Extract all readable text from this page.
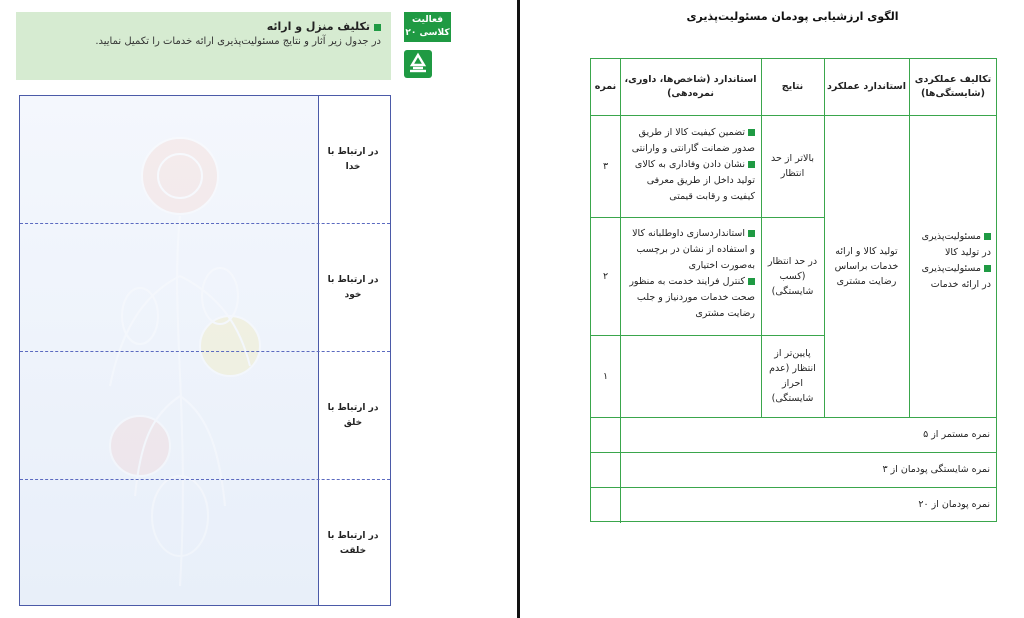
فعالیت
کلاسی ۲۰
تکلیف منزل و ارائه
در جدول زیر آثار و نتایج مسئولیت‌پذیری ارائه خدمات را تکمیل نمایید.
در ارتباط با خدا
در ارتباط با خود
در ارتباط با خلق
در ارتباط با خلقت
الگوی ارزشیابی پودمان مسئولیت‌پذیری
تکالیف عملکردی (شایستگی‌ها)
استاندارد عملکرد
نتایج
استاندارد (شاخص‌ها، داوری، نمره‌دهی)
نمره
مسئولیت‌پذیری در تولید کالا
مسئولیت‌پذیری در ارائه خدمات
تولید کالا و ارائه خدمات براساس رضایت مشتری
بالاتر از حد انتظار
تضمین کیفیت کالا از طریق صدور ضمانت گارانتی و وارانتی
نشان دادن وفاداری به کالای تولید داخل از طریق معرفی کیفیت و رقابت قیمتی
۳
در حد انتظار (کسب شایستگی)
استانداردسازی داوطلبانه کالا و استفاده از نشان در برچسب به‌صورت اختیاری
کنترل فرایند خدمت به منظور صحت خدمات موردنیاز و جلب رضایت مشتری
۲
پایین‌تر از انتظار (عدم احراز شایستگی)
۱
نمره مستمر از ۵
نمره شایستگی پودمان از ۳
نمره پودمان از ۲۰
